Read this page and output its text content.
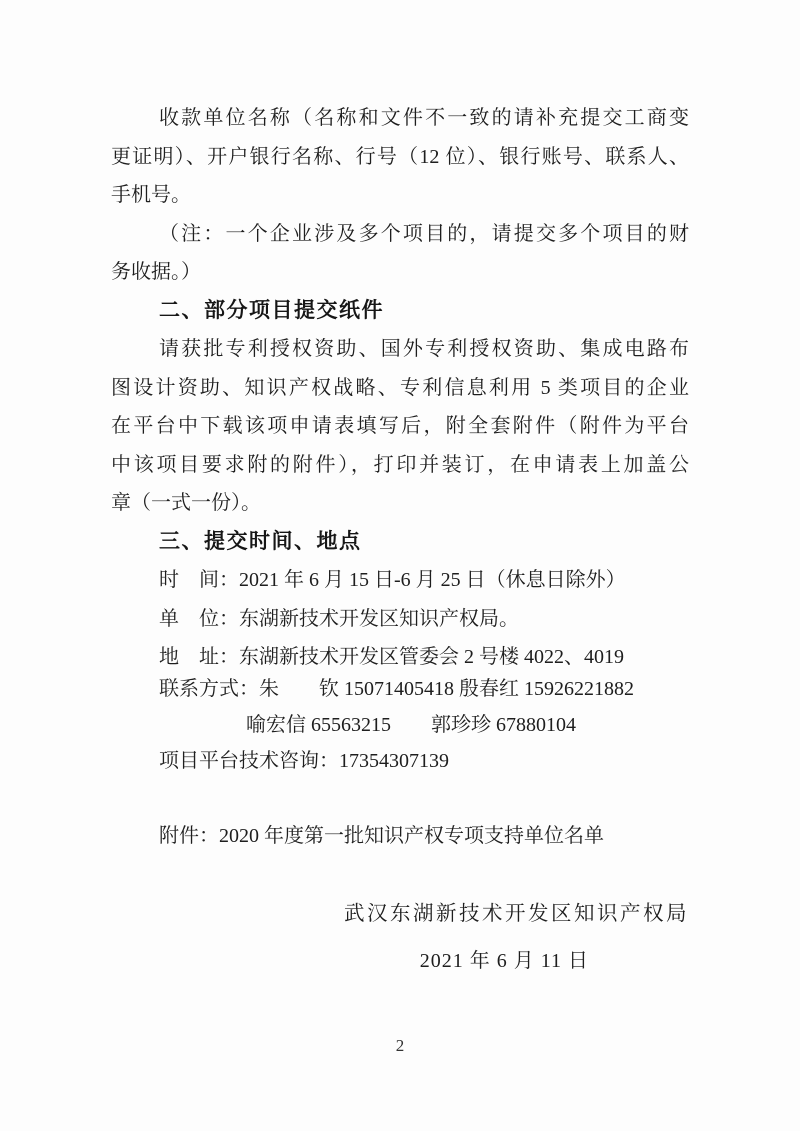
收款单位名称（名称和文件不一致的请补充提交工商变
更证明）、开户银行名称、行号（12 位）、银行账号、联系人、
手机号。
（注：一个企业涉及多个项目的，请提交多个项目的财
务收据。）
二、部分项目提交纸件
请获批专利授权资助、国外专利授权资助、集成电路布
图设计资助、知识产权战略、专利信息利用 5 类项目的企业
在平台中下载该项申请表填写后，附全套附件（附件为平台
中该项目要求附的附件），打印并装订，在申请表上加盖公
章（一式一份）。
三、提交时间、地点
时　间：2021 年 6 月 15 日-6 月 25 日（休息日除外）
单　位：东湖新技术开发区知识产权局。
地　址：东湖新技术开发区管委会 2 号楼 4022、4019
联系方式：朱　　钦 15071405418 殷春红 15926221882
喻宏信 65563215　　郭珍珍 67880104
项目平台技术咨询：17354307139
附件：2020 年度第一批知识产权专项支持单位名单
武汉东湖新技术开发区知识产权局
2021 年 6 月 11 日
2
